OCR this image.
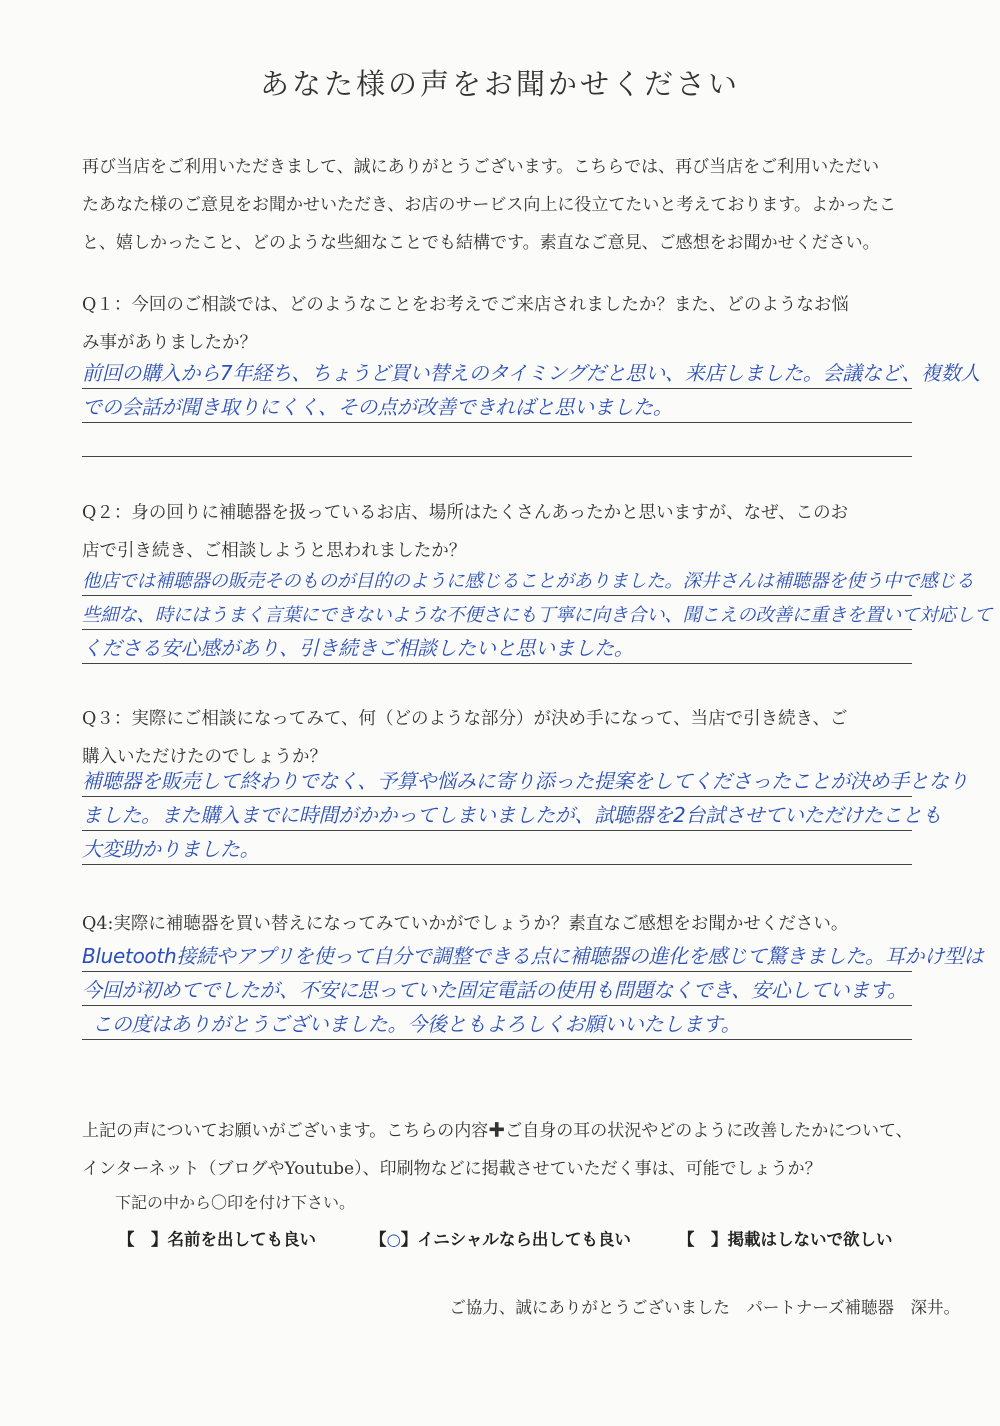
あなた様の声をお聞かせください

再び当店をご利用いただきまして、誠にありがとうございます。こちらでは、再び当店をご利用いただい

たあなた様のご意見をお聞かせいただき、お店のサービス向上に役立てたいと考えております。よかったこ

と、嬉しかったこと、どのような些細なことでも結構です。素直なご意見、ご感想をお聞かせください。

Q１：今回のご相談では、どのようなことをお考えでご来店されましたか？また、どのようなお悩

み事がありましたか？

前回の購入から7年経ち、ちょうど買い替えのタイミングだと思い、来店しました。会議など、複数人
での会話が聞き取りにくく、その点が改善できればと思いました。

Q２：身の回りに補聴器を扱っているお店、場所はたくさんあったかと思いますが、なぜ、このお

店で引き続き、ご相談しようと思われましたか？

他店では補聴器の販売そのものが目的のように感じることがありました。深井さんは補聴器を使う中で感じる
些細な、時にはうまく言葉にできないような不便さにも丁寧に向き合い、聞こえの改善に重きを置いて対応して
くださる安心感があり、引き続きご相談したいと思いました。

Q３：実際にご相談になってみて、何（どのような部分）が決め手になって、当店で引き続き、ご

購入いただけたのでしょうか？

補聴器を販売して終わりでなく、予算や悩みに寄り添った提案をしてくださったことが決め手となり
ました。また購入までに時間がかかってしまいましたが、試聴器を2台試させていただけたことも
大変助かりました。

Q4:実際に補聴器を買い替えになってみていかがでしょうか？素直なご感想をお聞かせください。

Bluetooth接続やアプリを使って自分で調整できる点に補聴器の進化を感じて驚きました。耳かけ型は
今回が初めてでしたが、不安に思っていた固定電話の使用も問題なくでき、安心しています。
この度はありがとうございました。今後ともよろしくお願いいたします。

上記の声についてお願いがございます。こちらの内容✚ご自身の耳の状況やどのように改善したかについて、

インターネット（ブログやYoutube）、印刷物などに掲載させていただく事は、可能でしょうか？

下記の中から〇印を付け下さい。
【　】名前を出しても良い	【○】イニシャルなら出しても良い	【　】掲載はしないで欲しい
ご協力、誠にありがとうございました　パートナーズ補聴器　深井。
